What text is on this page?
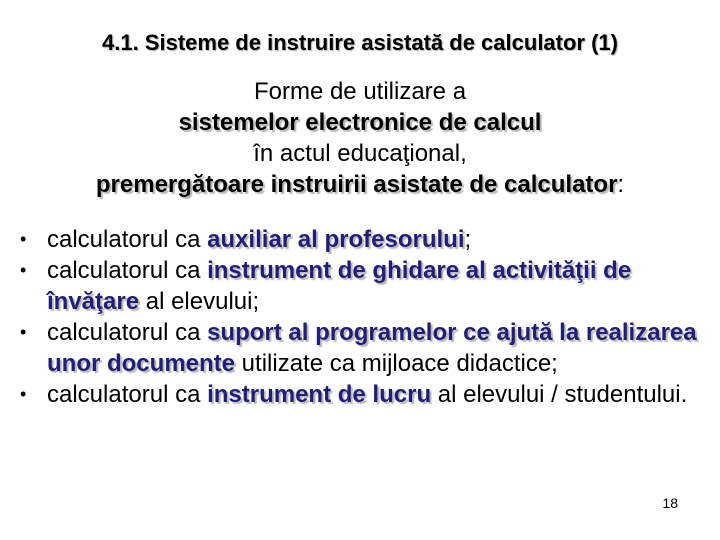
4.1. Sisteme de instruire asistată de calculator (1)
Forme de utilizare a
sistemelor electronice de calcul
în actul educaţional,
premergătoare instruirii asistate de calculator:
• calculatorul ca auxiliar al profesorului;
• calculatorul ca instrument de ghidare al activităţii de învăţare al elevului;
• calculatorul ca suport al programelor ce ajută la realizarea unor documente utilizate ca mijloace didactice;
• calculatorul ca instrument de lucru al elevului / studentului.
18
